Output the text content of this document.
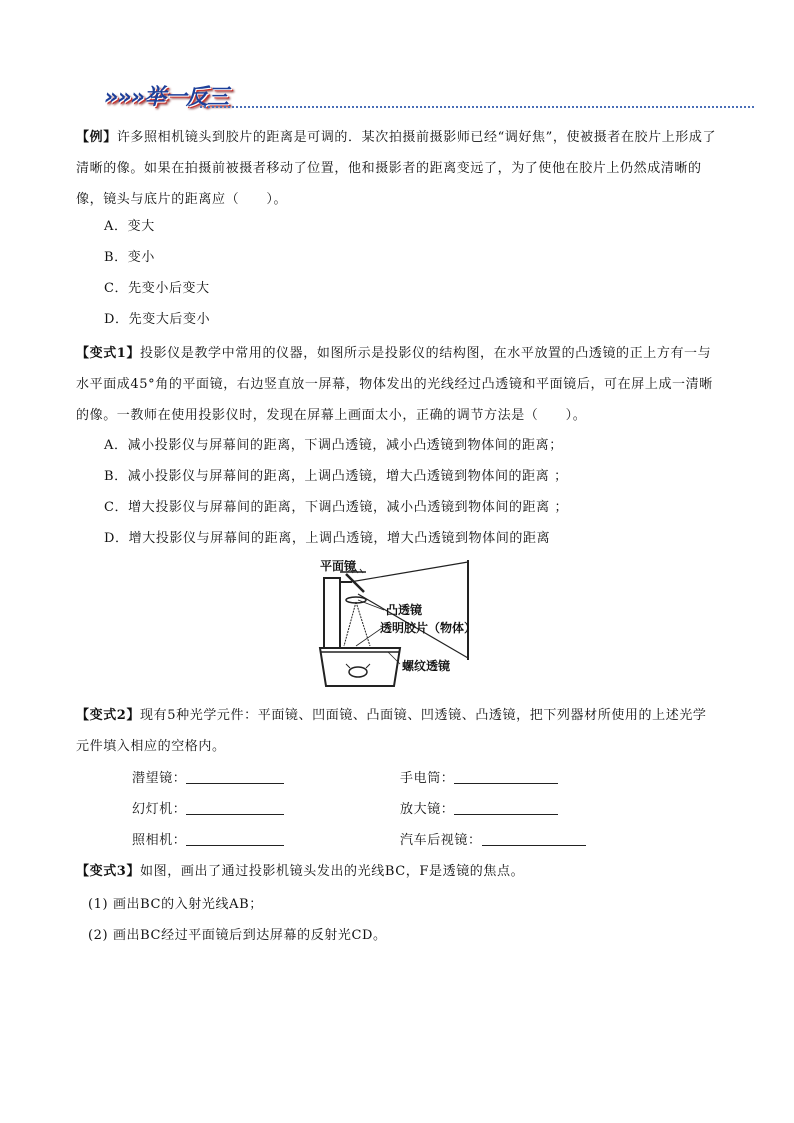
»»»举一反三

【例】许多照相机镜头到胶片的距离是可调的．某次拍摄前摄影师已经“调好焦”，使被摄者在胶片上形成了清晰的像。如果在拍摄前被摄者移动了位置，他和摄影者的距离变远了，为了使他在胶片上仍然成清晰的像，镜头与底片的距离应（　　）。

A．变大

B．变小

C．先变小后变大

D．先变大后变小

【变式1】投影仪是教学中常用的仪器，如图所示是投影仪的结构图，在水平放置的凸透镜的正上方有一与水平面成45°角的平面镜，右边竖直放一屏幕，物体发出的光线经过凸透镜和平面镜后，可在屏上成一清晰的像。一教师在使用投影仪时，发现在屏幕上画面太小，正确的调节方法是（　　）。

A．减小投影仪与屏幕间的距离，下调凸透镜，减小凸透镜到物体间的距离；

B．减小投影仪与屏幕间的距离，上调凸透镜，增大凸透镜到物体间的距离 ；

C．增大投影仪与屏幕间的距离，下调凸透镜，减小凸透镜到物体间的距离 ；

D．增大投影仪与屏幕间的距离，上调凸透镜，增大凸透镜到物体间的距离

平面镜
凸透镜
透明胶片（物体）
螺纹透镜

【变式2】现有5种光学元件：平面镜、凹面镜、凸面镜、凹透镜、凸透镜，把下列器材所使用的上述光学元件填入相应的空格内。

潜望镜：	手电筒：
幻灯机：	放大镜：
照相机：	汽车后视镜：

【变式3】如图，画出了通过投影机镜头发出的光线BC，F是透镜的焦点。

(1) 画出BC的入射光线AB；

(2) 画出BC经过平面镜后到达屏幕的反射光CD。
